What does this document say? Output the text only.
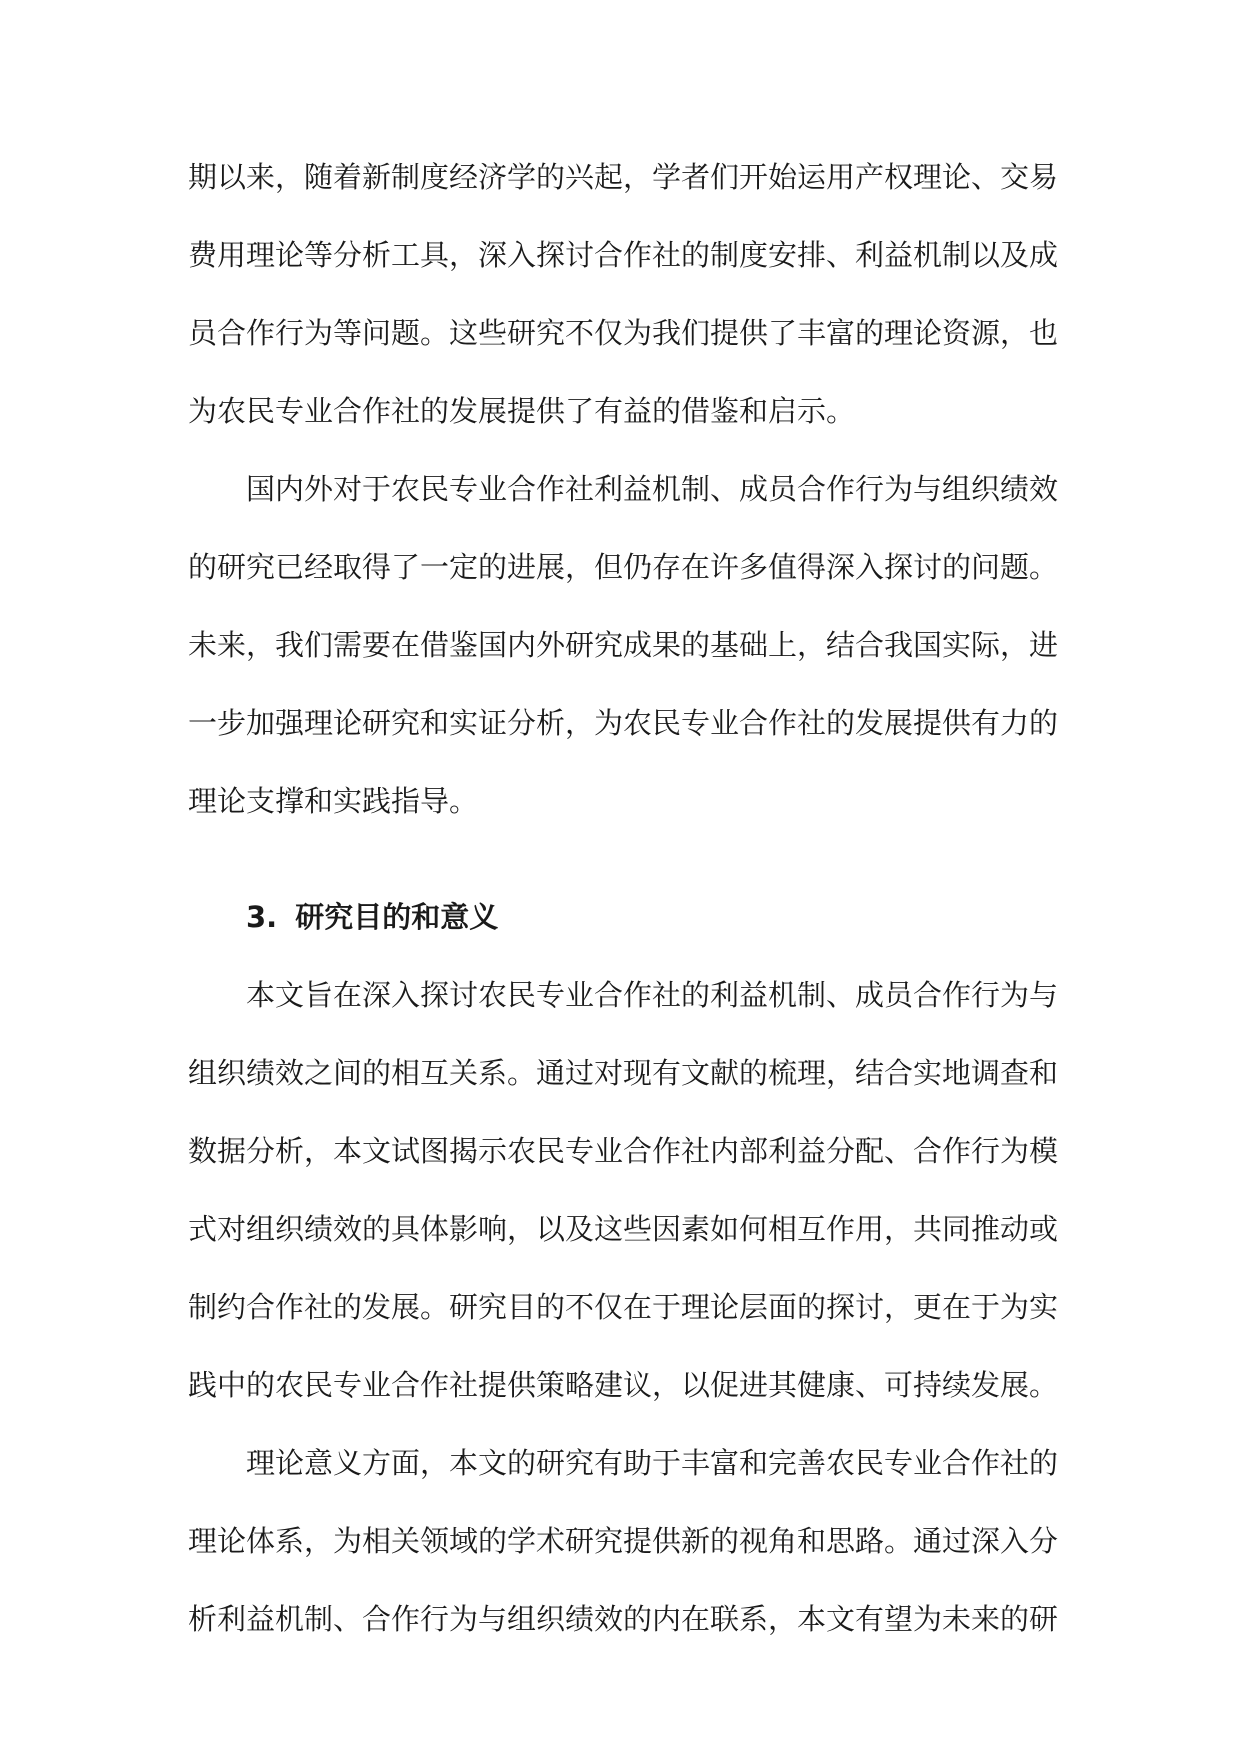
期以来，随着新制度经济学的兴起，学者们开始运用产权理论、交易费用理论等分析工具，深入探讨合作社的制度安排、利益机制以及成员合作行为等问题。这些研究不仅为我们提供了丰富的理论资源，也为农民专业合作社的发展提供了有益的借鉴和启示。

国内外对于农民专业合作社利益机制、成员合作行为与组织绩效的研究已经取得了一定的进展，但仍存在许多值得深入探讨的问题。未来，我们需要在借鉴国内外研究成果的基础上，结合我国实际，进一步加强理论研究和实证分析，为农民专业合作社的发展提供有力的理论支撑和实践指导。

3. 研究目的和意义

本文旨在深入探讨农民专业合作社的利益机制、成员合作行为与组织绩效之间的相互关系。通过对现有文献的梳理，结合实地调查和数据分析，本文试图揭示农民专业合作社内部利益分配、合作行为模式对组织绩效的具体影响，以及这些因素如何相互作用，共同推动或制约合作社的发展。研究目的不仅在于理论层面的探讨，更在于为实践中的农民专业合作社提供策略建议，以促进其健康、可持续发展。

理论意义方面，本文的研究有助于丰富和完善农民专业合作社的理论体系，为相关领域的学术研究提供新的视角和思路。通过深入分析利益机制、合作行为与组织绩效的内在联系，本文有望为未来的研
